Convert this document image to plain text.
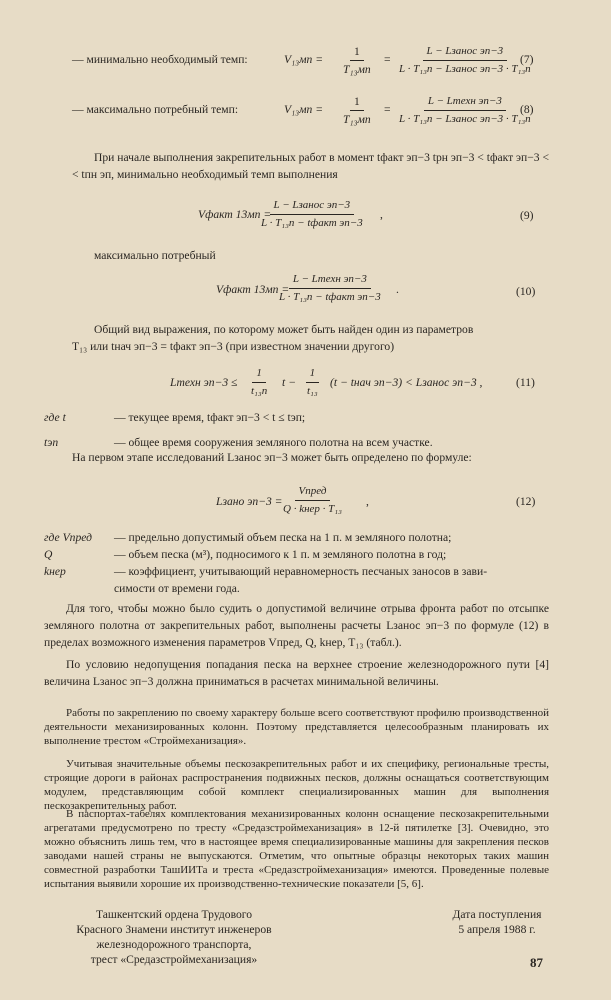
— минимально необходимый темп:	V₁₃мп =
1
T₁₃мп
=
L − Lзанос эп−3
L · T₁₃п − Lзанос эп−3 · T₁₃п
(7)
— максимально потребный темп:	V₁₃мп =
1
T₁₃мп
=
L − Lтехн эп−3
L · T₁₃п − Lзанос эп−3 · T₁₃п
(8)
При начале выполнения закрепительных работ в момент tфакт эп−3 tрн эп−3 < tфакт эп−3 <
< tпн эп, минимально необходимый темп выполнения
Vфакт 13мп =
L − Lзанос эп−3
L · T₁₃п − tфакт эп−3
,	(9)
максимально потребный
Vфакт 13мп =
L − Lтехн эп−3
L · T₁₃п − tфакт эп−3
.	(10)
Общий вид выражения, по которому может быть найден один из параметров
T₁₃ или tнач эп−3 = tфакт эп−3 (при известном значении другого)
Lтехн эп−3 ≤
1
t₁₃п
$t - \frac{1}{\text{t₁₃}} (t$ − tнач эп−3) < Lзанос эп−3 ,	(11)
где t	— текущее время, tфакт эп−3 < t ≤ tэп;
tэп	— общее время сооружения земляного полотна на всем участке.
На первом этапе исследований Lзанос эп−3 может быть определено по формуле:
Lзано эп−3 =
Vпред
Q · kнер · T₁₃
,	(12)
где Vпред	— предельно допустимый объем песка на 1 п. м земляного полотна;
Q	— объем песка (м³), подносимого к 1 п. м земляного полотна в год;
kнер	— коэффициент, учитывающий неравномерность песчаных заносов в зави-
симости от времени года.
Для того, чтобы можно было судить о допустимой величине отрыва фронта работ по отсыпке земляного полотна от закрепительных работ, выполнены расчеты Lзанос эп−3 по формуле (12) в пределах возможного изменения параметров Vпред, Q, kнер, T₁₃ (табл.).
По условию недопущения попадания песка на верхнее строение железнодорожного пути [4] величина Lзанос эп−3 должна приниматься в расчетах минимальной величины.
Работы по закреплению по своему характеру больше всего соответствуют профилю производственной деятельности механизированных колонн. Поэтому представляется целесообразным планировать их выполнение трестом «Строймеханизация».
Учитывая значительные объемы пескозакрепительных работ и их специфику, региональные тресты, строящие дороги в районах распространения подвижных песков, должны оснащаться соответствующим модулем, представляющим собой комплект специализированных машин для выполнения пескозакрепительных работ.
В паспортах-табелях комплектования механизированных колонн оснащение пескозакрепительными агрегатами предусмотрено по тресту «Средазстроймеханизация» в 12-й пятилетке [3]. Очевидно, это можно объяснить лишь тем, что в настоящее время специализированные машины для закрепления песков заводами нашей страны не выпускаются. Отметим, что опытные образцы некоторых таких машин совместной разработки ТашИИТа и треста «Средазстроймеханизация» имеются. Проведенные полевые испытания выявили хорошие их производственно-технические показатели [5, 6].
Ташкентский ордена Трудового
Красного Знамени институт инженеров
железнодорожного транспорта,
трест «Средазстроймеханизация»
Дата поступления
5 апреля 1988 г.
87
